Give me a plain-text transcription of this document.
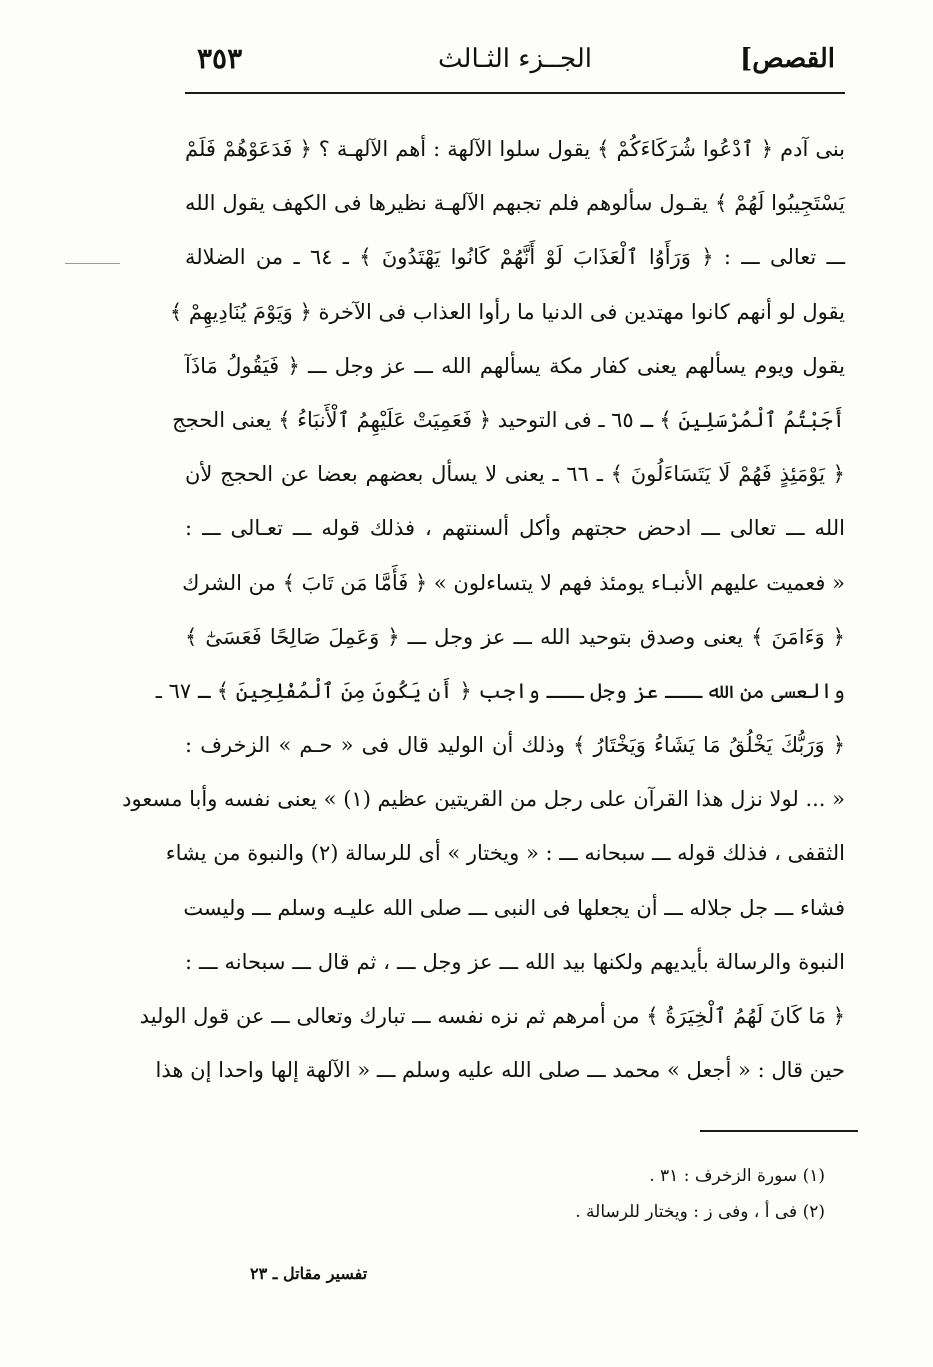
القصص]
الجــزء الثـالث
٣٥٣
بنى آدم ﴿ ٱدْعُوا شُرَكَاءَكُمْ ﴾ يقول سلوا الآلهة : أهم الآلهـة ؟ ﴿ فَدَعَوْهُمْ فَلَمْ
يَسْتَجِيبُوا لَهُمْ ﴾ يقـول سألوهم فلم تجبهم الآلهـة نظيرها فى الكهف يقول الله
ـــ تعالى ـــ : ﴿ وَرَأَوُا ٱلْعَذَابَ لَوْ أَنَّهُمْ كَانُوا يَهْتَدُونَ ﴾ ـ ٦٤ ـ من الضلالة
يقول لو أنهم كانوا مهتدين فى الدنيا ما رأوا العذاب فى الآخرة ﴿ وَيَوْمَ يُنَادِيهِمْ ﴾
يقول ويوم يسألهم يعنى كفار مكة يسألهم الله ـــ عز وجل ـــ ﴿ فَيَقُولُ مَاذَآ
أَجَبْتُمُ ٱلْمُرْسَلِينَ ﴾ ـ ٦٥ ـ فى التوحيد ﴿ فَعَمِيَتْ عَلَيْهِمُ ٱلْأَنبَاءُ ﴾ يعنى الحجج
﴿ يَوْمَئِذٍ فَهُمْ لَا يَتَسَاءَلُونَ ﴾ ـ ٦٦ ـ يعنى لا يسأل بعضهم بعضا عن الحجج لأن
الله ـــ تعالى ـــ ادحض حجتهم وأكل ألسنتهم ، فذلك قوله ـــ تعـالى ـــ :
« فعميت عليهم الأنبـاء يومئذ فهم لا يتساءلون » ﴿ فَأَمَّا مَن تَابَ ﴾ من الشرك
﴿ وَءَامَنَ ﴾ يعنى وصدق بتوحيد الله ـــ عز وجل ـــ ﴿ وَعَمِلَ صَالِحًا فَعَسَىٰٓ ﴾
والعسى من الله ـــ عز وجل ـــ واجب ﴿ أَن يَكُونَ مِنَ ٱلْمُفْلِحِينَ ﴾ ـ ٦٧ ـ
﴿ وَرَبُّكَ يَخْلُقُ مَا يَشَاءُ وَيَخْتَارُ ﴾ وذلك أن الوليد قال فى « حـم » الزخرف :
« ... لولا نزل هذا القرآن على رجل من القريتين عظيم (١) » يعنى نفسه وأبا مسعود
الثقفى ، فذلك قوله ـــ سبحانه ـــ : « ويختار » أى للرسالة (٢) والنبوة من يشاء
فشاء ـــ جل جلاله ـــ أن يجعلها فى النبى ـــ صلى الله عليـه وسلم ـــ وليست
النبوة والرسالة بأيديهم ولكنها بيد الله ـــ عز وجل ـــ ، ثم قال ـــ سبحانه ـــ :
﴿ مَا كَانَ لَهُمُ ٱلْخِيَرَةُ ﴾ من أمرهم ثم نزه نفسه ـــ تبارك وتعالى ـــ عن قول الوليد
حين قال : « أجعل » محمد ـــ صلى الله عليه وسلم ـــ « الآلهة إلها واحدا إن هذا
(١) سورة الزخرف : ٣١ .
(٢) فى أ ، وفى ز : ويختار للرسالة .
تفسير مقاتل ـ ٢٣
